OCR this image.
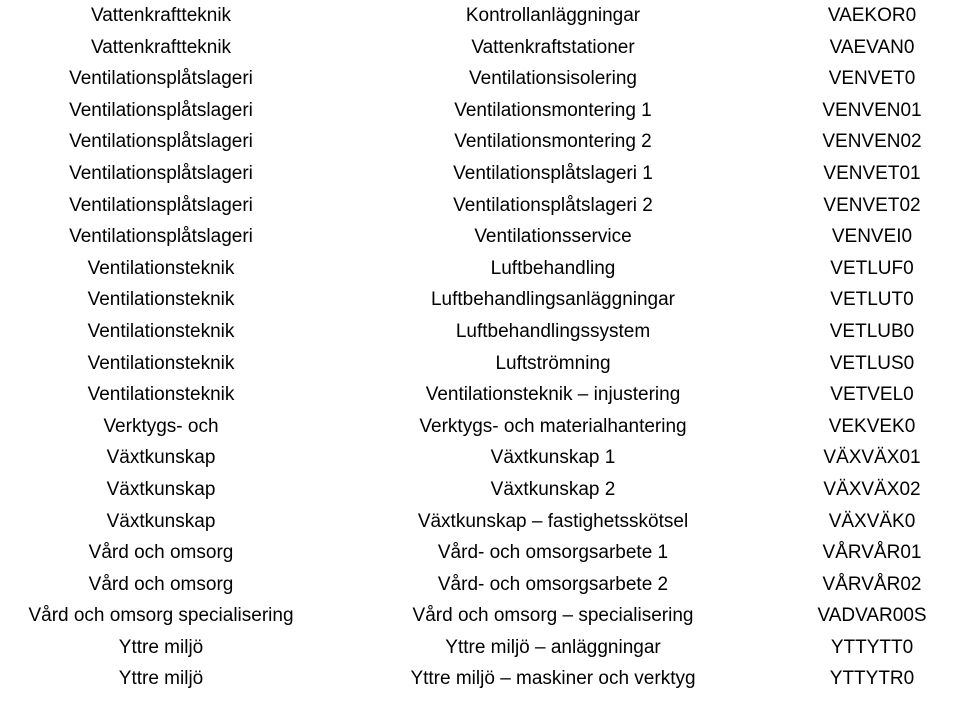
Vattenkraftteknik	Kontrollanläggningar	VAEKOR0
Vattenkraftteknik	Vattenkraftstationer	VAEVAN0
Ventilationsplåtslageri	Ventilationsisolering	VENVET0
Ventilationsplåtslageri	Ventilationsmontering 1	VENVEN01
Ventilationsplåtslageri	Ventilationsmontering 2	VENVEN02
Ventilationsplåtslageri	Ventilationsplåtslageri 1	VENVET01
Ventilationsplåtslageri	Ventilationsplåtslageri 2	VENVET02
Ventilationsplåtslageri	Ventilationsservice	VENVEI0
Ventilationsteknik	Luftbehandling	VETLUF0
Ventilationsteknik	Luftbehandlingsanläggningar	VETLUT0
Ventilationsteknik	Luftbehandlingssystem	VETLUB0
Ventilationsteknik	Luftströmning	VETLUS0
Ventilationsteknik	Ventilationsteknik – injustering	VETVEL0
Verktygs- och	Verktygs- och materialhantering	VEKVEK0
Växtkunskap	Växtkunskap 1	VÄXVÄX01
Växtkunskap	Växtkunskap 2	VÄXVÄX02
Växtkunskap	Växtkunskap – fastighetsskötsel	VÄXVÄK0
Vård och omsorg	Vård- och omsorgsarbete 1	VÅRVÅR01
Vård och omsorg	Vård- och omsorgsarbete 2	VÅRVÅR02
Vård och omsorg specialisering	Vård och omsorg – specialisering	VADVAR00S
Yttre miljö	Yttre miljö – anläggningar	YTTYTT0
Yttre miljö	Yttre miljö – maskiner och verktyg	YTTYTR0
